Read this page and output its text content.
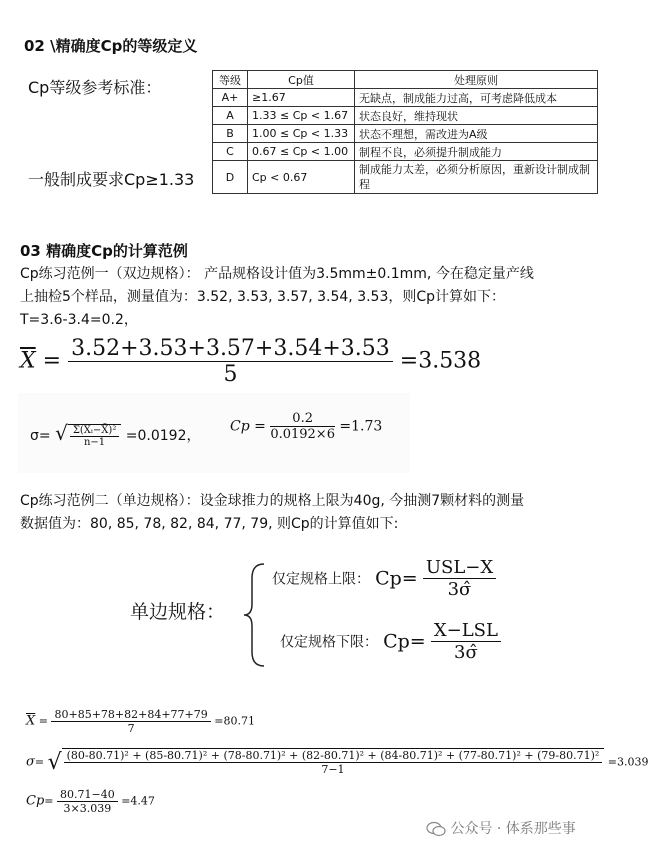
02 \精确度Cp的等级定义
Cp等级参考标准：
一般制成要求Cp≥1.33
等级	Cp值	处理原则
A+	≥1.67	无缺点，制成能力过高，可考虑降低成本
A	1.33 ≤ Cp < 1.67	状态良好，维持现状
B	1.00 ≤ Cp < 1.33	状态不理想，需改进为A级
C	0.67 ≤ Cp < 1.00	制程不良，必须提升制成能力
D	Cp < 0.67	制成能力太差，必须分析原因，重新设计制成制程
03 精确度Cp的计算范例
Cp练习范例一（双边规格）： 产品规格设计值为3.5mm±0.1mm, 今在稳定量产线
上抽检5个样品，测量值为：3.52, 3.53, 3.57, 3.54, 3.53，则Cp计算如下：
T=3.6-3.4=0.2，
$\overline{X} = \frac{3.52+3.53+3.57+3.54+3.53}{5} =3.538$
σ= √ $\frac{\text{Σ(Xᵢ−X̄)²}}{n-1} =0.0192$，
$Cp = \frac{0.2}{0.0192\times 6} =1.73$
Cp练习范例二（单边规格）：设金球推力的规格上限为40g, 今抽测7颗材料的测量
数据值为：80, 85, 78, 82, 84, 77, 79, 则Cp的计算值如下:
单边规格：
仅定规格上限： $Cp= \frac{\text{USL−X}}{3\sigmâ}$
仅定规格下限： $Cp= \frac{\text{X−LSL}}{3\sigmâ}$
$\overline{X} = \frac{80+85+78+82+84+77+79}{7} =80.71$
σ= √ (80-80.71)² + (85-80.71)² + (78-80.71)² + (82-80.71)² + (84-80.71)² + (77-80.71)² + (79-80.71)²
7−1
=3.039
$Cp= \frac{80.71-40}{3\times 3.039} =4.47$
公众号 · 体系那些事
